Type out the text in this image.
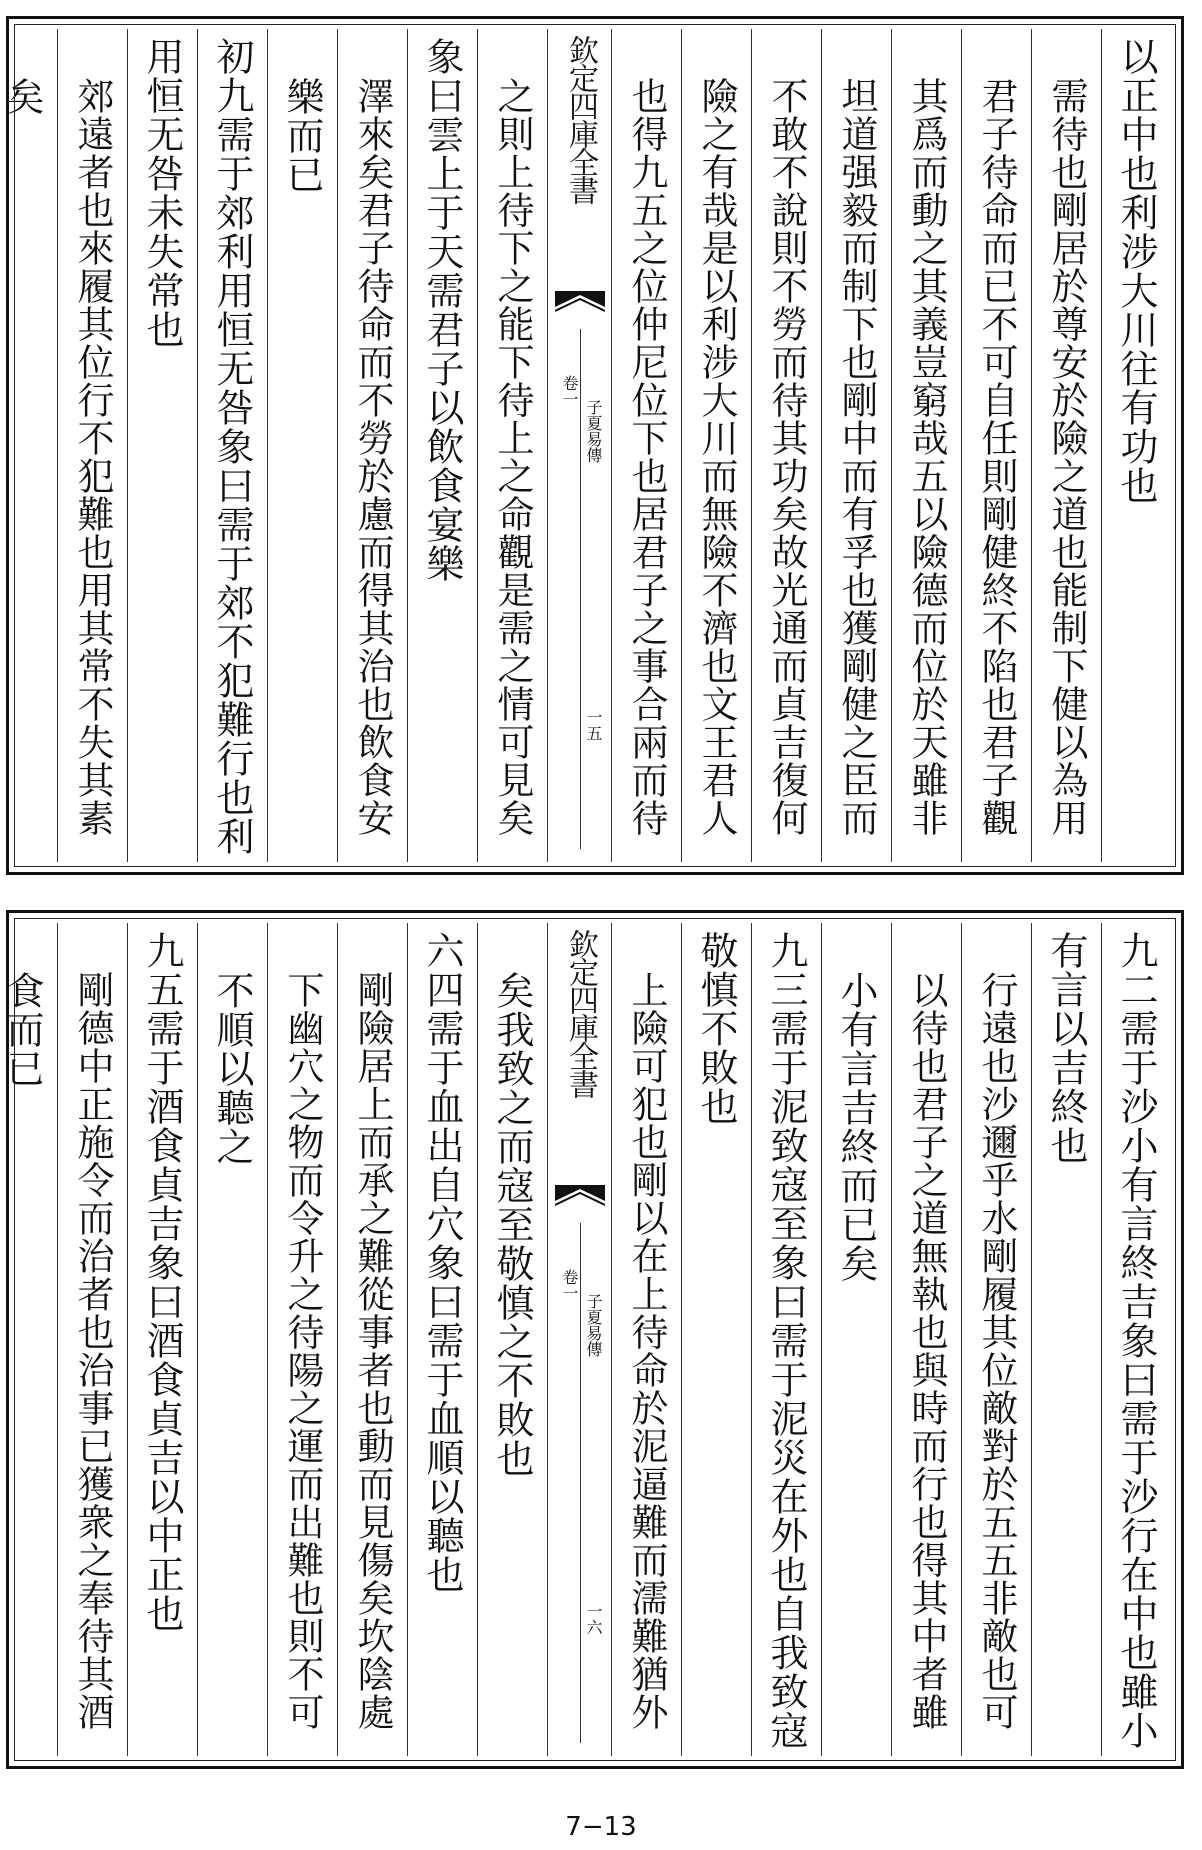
以正中也利涉大川往有功也
需待也剛居於尊安於險之道也能制下健以為用
君子待命而已不可自任則剛健終不陷也君子觀
其爲而動之其義豈窮哉五以險德而位於天雖非
坦道强毅而制下也剛中而有孚也獲剛健之臣而
不敢不說則不勞而待其功矣故光通而貞吉復何
險之有哉是以利涉大川而無險不濟也文王君人
也得九五之位仲尼位下也居君子之事合兩而待
欽定四庫全書
子夏易傳
卷一
一五
之則上待下之能下待上之命觀是需之情可見矣
象曰雲上于天需君子以飲食宴樂
澤來矣君子待命而不勞於慮而得其治也飲食安
樂而已
初九需于郊利用恒无咎象曰需于郊不犯難行也利
用恒无咎未失常也
郊遠者也來履其位行不犯難也用其常不失其素
矣
九二需于沙小有言終吉象曰需于沙行在中也雖小
有言以吉終也
行遠也沙邇乎水剛履其位敵對於五五非敵也可
以待也君子之道無執也與時而行也得其中者雖
小有言吉終而已矣
九三需于泥致寇至象曰需于泥災在外也自我致寇
敬慎不敗也
上險可犯也剛以在上待命於泥逼難而濡難猶外
欽定四庫全書
子夏易傳
卷一
一六
矣我致之而寇至敬慎之不敗也
六四需于血出自穴象曰需于血順以聽也
剛險居上而承之難從事者也動而見傷矣坎陰處
下幽穴之物而令升之待陽之運而出難也則不可
不順以聽之
九五需于酒食貞吉象曰酒食貞吉以中正也
剛德中正施令而治者也治事已獲衆之奉待其酒
食而已
7−13
